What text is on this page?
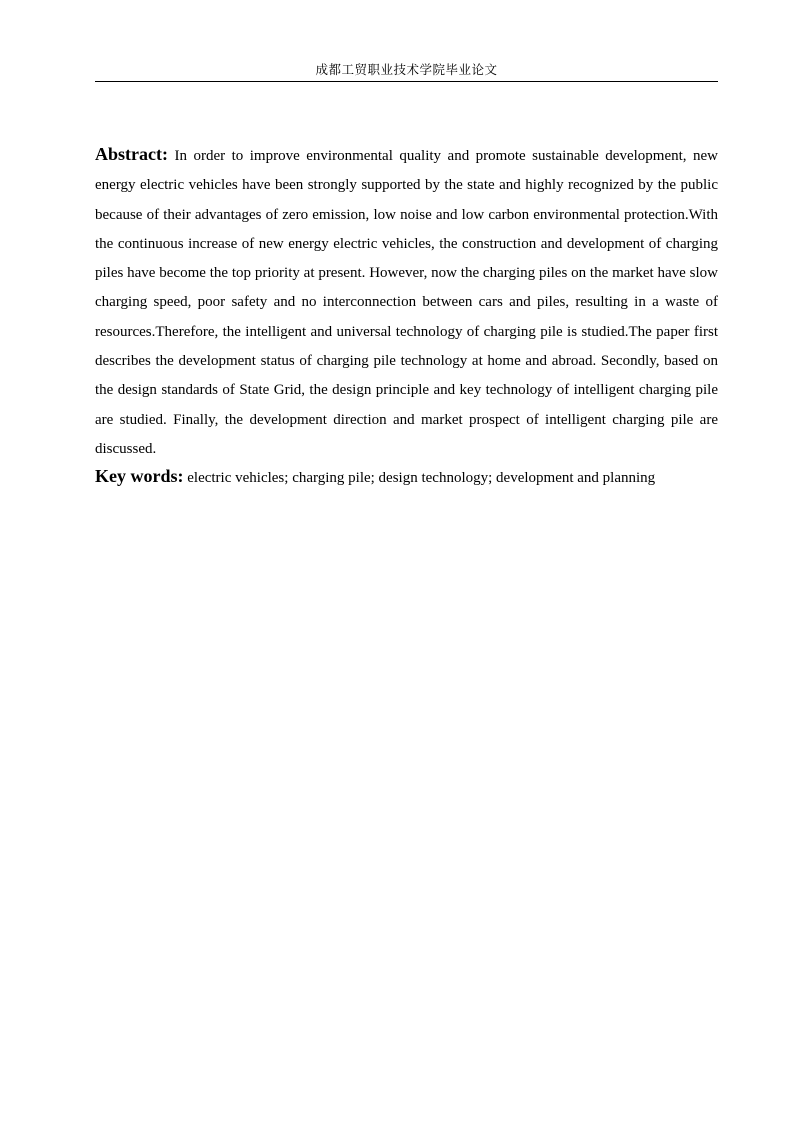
成都工贸职业技术学院毕业论文

Abstract: In order to improve environmental quality and promote sustainable development, new energy electric vehicles have been strongly supported by the state and highly recognized by the public because of their advantages of zero emission, low noise and low carbon environmental protection.With the continuous increase of new energy electric vehicles, the construction and development of charging piles have become the top priority at present. However, now the charging piles on the market have slow charging speed, poor safety and no interconnection between cars and piles, resulting in a waste of resources.Therefore, the intelligent and universal technology of charging pile is studied.The paper first describes the development status of charging pile technology at home and abroad. Secondly, based on the design standards of State Grid, the design principle and key technology of intelligent charging pile are studied. Finally, the development direction and market prospect of intelligent charging pile are discussed.

Key words: electric vehicles; charging pile; design technology; development and planning
